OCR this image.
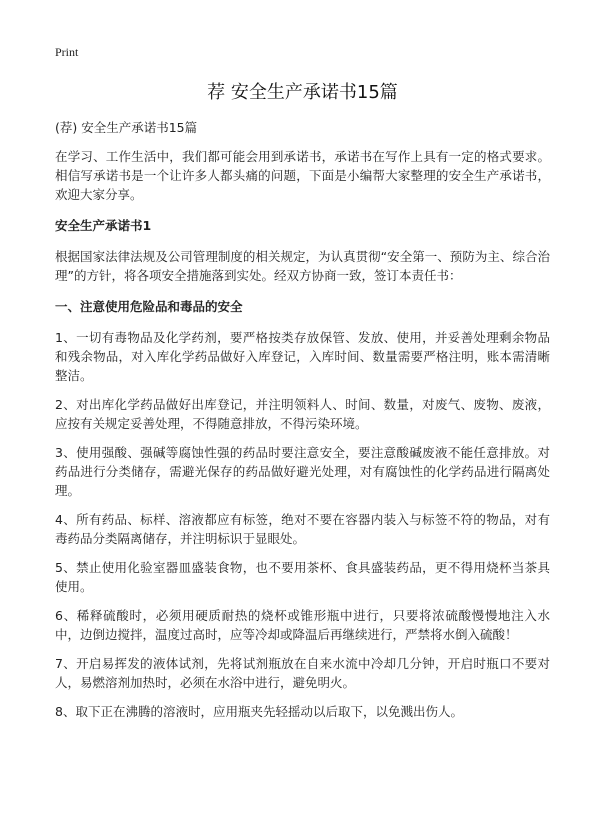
Print
荐 安全生产承诺书15篇
(荐) 安全生产承诺书15篇
在学习、工作生活中，我们都可能会用到承诺书，承诺书在写作上具有一定的格式要求。相信写承诺书是一个让许多人都头痛的问题，下面是小编帮大家整理的安全生产承诺书，欢迎大家分享。
安全生产承诺书1
根据国家法律法规及公司管理制度的相关规定，为认真贯彻“安全第一、预防为主、综合治理”的方针，将各项安全措施落到实处。经双方协商一致，签订本责任书：
一、注意使用危险品和毒品的安全
1、一切有毒物品及化学药剂，要严格按类存放保管、发放、使用，并妥善处理剩余物品和残余物品，对入库化学药品做好入库登记，入库时间、数量需要严格注明，账本需清晰整洁。
2、对出库化学药品做好出库登记，并注明领料人、时间、数量，对废气、废物、废液，应按有关规定妥善处理，不得随意排放，不得污染环境。
3、使用强酸、强碱等腐蚀性强的药品时要注意安全，要注意酸碱废液不能任意排放。对药品进行分类储存，需避光保存的药品做好避光处理，对有腐蚀性的化学药品进行隔离处理。
4、所有药品、标样、溶液都应有标签，绝对不要在容器内装入与标签不符的物品，对有毒药品分类隔离储存，并注明标识于显眼处。
5、禁止使用化验室器皿盛装食物，也不要用茶杯、食具盛装药品，更不得用烧杯当茶具使用。
6、稀释硫酸时，必须用硬质耐热的烧杯或锥形瓶中进行，只要将浓硫酸慢慢地注入水中，边倒边搅拌，温度过高时，应等冷却或降温后再继续进行，严禁将水倒入硫酸！
7、开启易挥发的液体试剂，先将试剂瓶放在自来水流中冷却几分钟，开启时瓶口不要对人，易燃溶剂加热时，必须在水浴中进行，避免明火。
8、取下正在沸腾的溶液时，应用瓶夹先轻摇动以后取下，以免溅出伤人。
